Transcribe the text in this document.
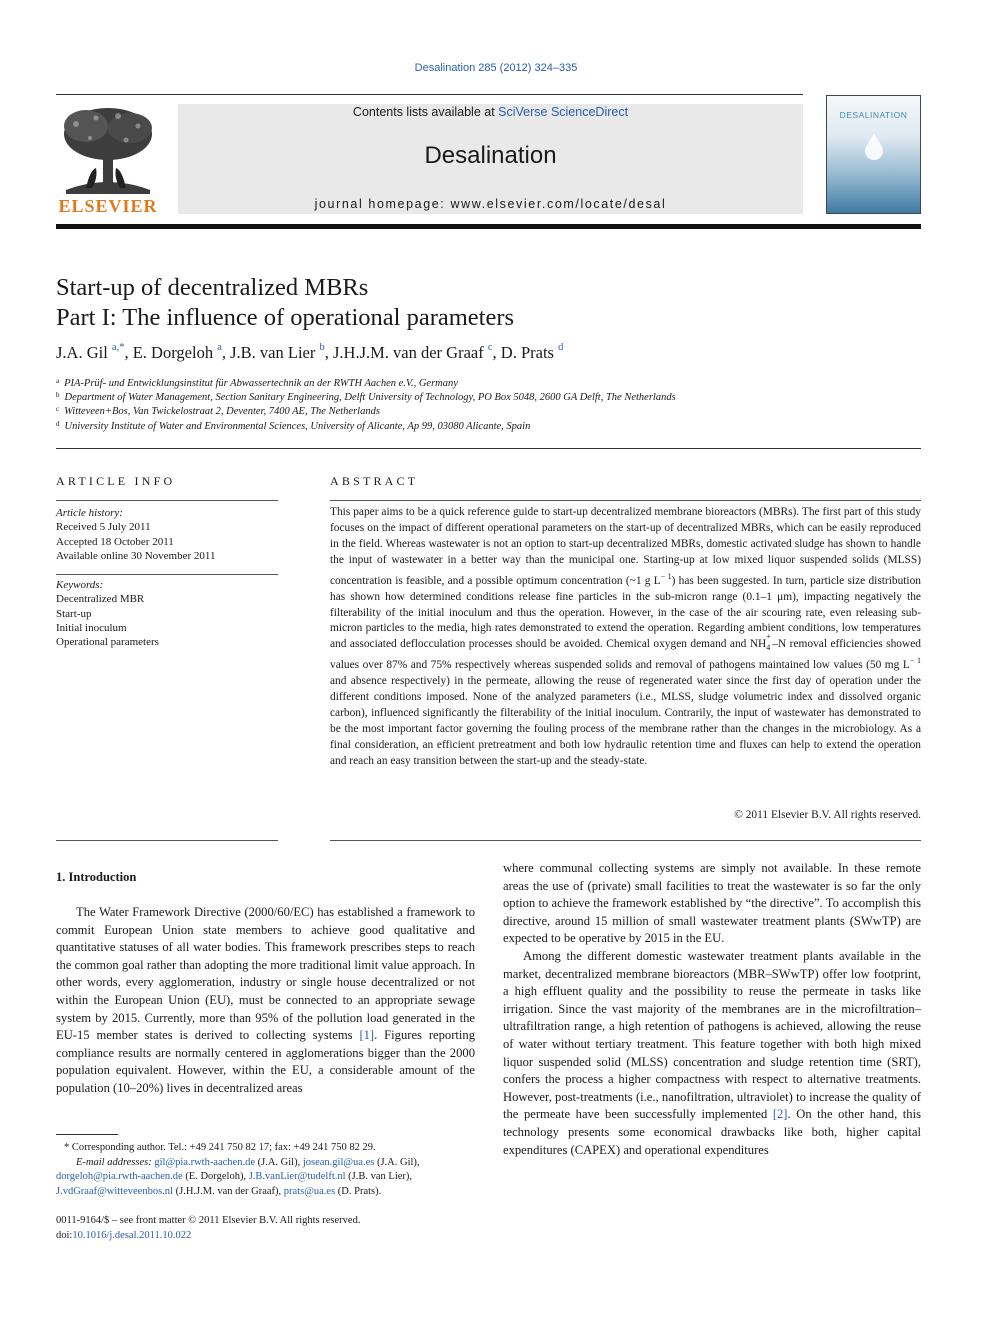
Desalination 285 (2012) 324–335
ELSEVIER
Contents lists available at SciVerse ScienceDirect
Desalination
journal homepage: www.elsevier.com/locate/desal
DESALINATION
Start-up of decentralized MBRs
Part I: The influence of operational parameters
J.A. Gil $^{a,*}$, E. Dorgeloh $^a$, J.B. van Lier $^b$, J.H.J.M. van der Graaf $^c$, D. Prats $^d$
$^a$ PIA-Prüf- und Entwicklungsinstitut für Abwassertechnik an der RWTH Aachen e.V., Germany
$^b$ Department of Water Management, Section Sanitary Engineering, Delft University of Technology, PO Box 5048, 2600 GA Delft, The Netherlands
$^c$ Witteveen+Bos, Van Twickelostraat 2, Deventer, 7400 AE, The Netherlands
$^d$ University Institute of Water and Environmental Sciences, University of Alicante, Ap 99, 03080 Alicante, Spain
ARTICLE INFO
Article history:
Received 5 July 2011
Accepted 18 October 2011
Available online 30 November 2011
Keywords:
Decentralized MBR
Start-up
Initial inoculum
Operational parameters
ABSTRACT
This paper aims to be a quick reference guide to start-up decentralized membrane bioreactors (MBRs). The first part of this study focuses on the impact of different operational parameters on the start-up of decentralized MBRs, which can be easily reproduced in the field. Whereas wastewater is not an option to start-up decentralized MBRs, domestic activated sludge has shown to handle the input of wastewater in a better way than the municipal one. Starting-up at low mixed liquor suspended solids (MLSS) concentration is feasible, and a possible optimum concentration (~1 g $L^{- 1}$) has been suggested. In turn, particle size distribution has shown how determined conditions release fine particles in the sub-micron range (0.1–1 μm), impacting negatively the filterability of the initial inoculum and thus the operation. However, in the case of the air scouring rate, even releasing sub-micron particles to the media, high rates demonstrated to extend the operation. Regarding ambient conditions, low temperatures and associated deflocculation processes should be avoided. Chemical oxygen demand and NH
+
4 –N removal efficiencies showed values over 87% and 75% respectively whereas suspended solids and removal of pathogens maintained low values (50 mg $L^{- 1}$ and absence respectively) in the permeate, allowing the reuse of regenerated water since the first day of operation under the different conditions imposed. None of the analyzed parameters (i.e., MLSS, sludge volumetric index and dissolved organic carbon), influenced significantly the filterability of the initial inoculum. Contrarily, the input of wastewater has demonstrated to be the most important factor governing the fouling process of the membrane rather than the changes in the microbiology. As a final consideration, an efficient pretreatment and both low hydraulic retention time and fluxes can help to extend the operation and reach an easy transition between the start-up and the steady-state.
© 2011 Elsevier B.V. All rights reserved.
1. Introduction

The Water Framework Directive (2000/60/EC) has established a framework to commit European Union state members to achieve good qualitative and quantitative statuses of all water bodies. This framework prescribes steps to reach the common goal rather than adopting the more traditional limit value approach. In other words, every agglomeration, industry or single house decentralized or not within the European Union (EU), must be connected to an appropriate sewage system by 2015. Currently, more than 95% of the pollution load generated in the EU-15 member states is derived to collecting systems [1]. Figures reporting compliance results are normally centered in agglomerations bigger than the 2000 population equivalent. However, within the EU, a considerable amount of the population (10–20%) lives in decentralized areas

where communal collecting systems are simply not available. In these remote areas the use of (private) small facilities to treat the wastewater is so far the only option to achieve the framework established by “the directive”. To accomplish this directive, around 15 million of small wastewater treatment plants (SWwTP) are expected to be operative by 2015 in the EU.

Among the different domestic wastewater treatment plants available in the market, decentralized membrane bioreactors (MBR–SWwTP) offer low footprint, a high effluent quality and the possibility to reuse the permeate in tasks like irrigation. Since the vast majority of the membranes are in the microfiltration–ultrafiltration range, a high retention of pathogens is achieved, allowing the reuse of water without tertiary treatment. This feature together with both high mixed liquor suspended solid (MLSS) concentration and sludge retention time (SRT), confers the process a higher compactness with respect to alternative treatments. However, post-treatments (i.e., nanofiltration, ultraviolet) to increase the quality of the permeate have been successfully implemented [2]. On the other hand, this technology presents some economical drawbacks like both, higher capital expenditures (CAPEX) and operational expenditures

* Corresponding author. Tel.: +49 241 750 82 17; fax: +49 241 750 82 29.
E-mail addresses: gil@pia.rwth-aachen.de (J.A. Gil), josean.gil@ua.es (J.A. Gil),
dorgeloh@pia.rwth-aachen.de (E. Dorgeloh), J.B.vanLier@tudelft.nl (J.B. van Lier),
J.vdGraaf@witteveenbos.nl (J.H.J.M. van der Graaf), prats@ua.es (D. Prats).
0011-9164/$ – see front matter © 2011 Elsevier B.V. All rights reserved.
doi:10.1016/j.desal.2011.10.022
